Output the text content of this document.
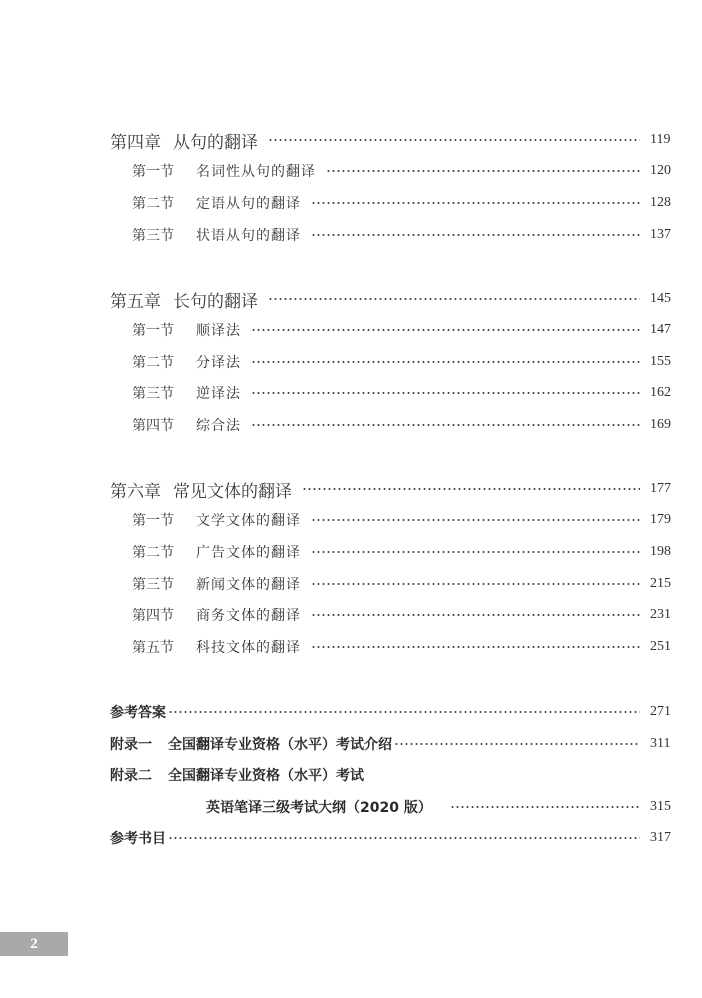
第四章 从句的翻译	119
第一节	名词性从句的翻译	120
第二节	定语从句的翻译	128
第三节	状语从句的翻译	137
第五章 长句的翻译	145
第一节	顺译法	147
第二节	分译法	155
第三节	逆译法	162
第四节	综合法	169
第六章 常见文体的翻译	177
第一节	文学文体的翻译	179
第二节	广告文体的翻译	198
第三节	新闻文体的翻译	215
第四节	商务文体的翻译	231
第五节	科技文体的翻译	251
参考答案	271
附录一 全国翻译专业资格（水平）考试介绍	311
附录二 全国翻译专业资格（水平）考试
英语笔译三级考试大纲（2020 版）	315
参考书目	317
2
